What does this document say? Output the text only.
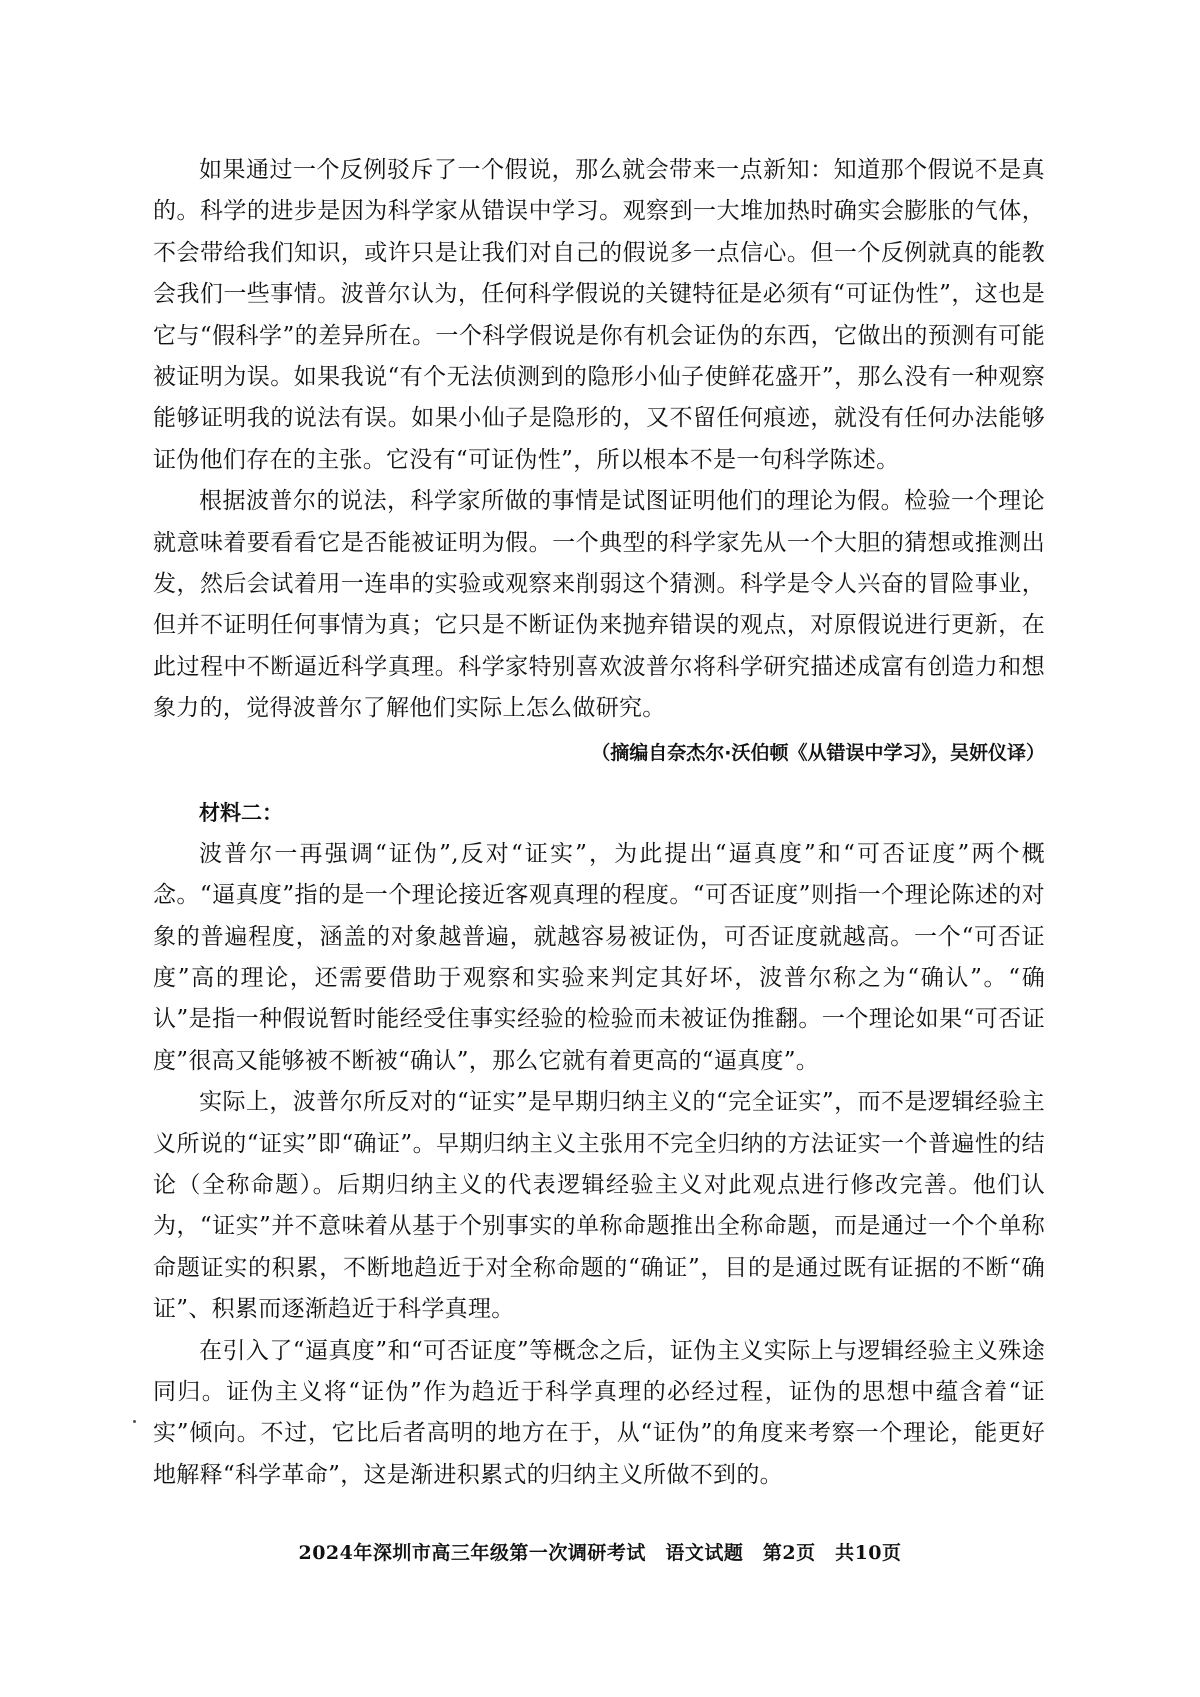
如果通过一个反例驳斥了一个假说，那么就会带来一点新知：知道那个假说不是真的。科学的进步是因为科学家从错误中学习。观察到一大堆加热时确实会膨胀的气体，不会带给我们知识，或许只是让我们对自己的假说多一点信心。但一个反例就真的能教会我们一些事情。波普尔认为，任何科学假说的关键特征是必须有“可证伪性”，这也是它与“假科学”的差异所在。一个科学假说是你有机会证伪的东西，它做出的预测有可能被证明为误。如果我说“有个无法侦测到的隐形小仙子使鲜花盛开”，那么没有一种观察能够证明我的说法有误。如果小仙子是隐形的，又不留任何痕迹，就没有任何办法能够证伪他们存在的主张。它没有“可证伪性”，所以根本不是一句科学陈述。

根据波普尔的说法，科学家所做的事情是试图证明他们的理论为假。检验一个理论就意味着要看看它是否能被证明为假。一个典型的科学家先从一个大胆的猜想或推测出发，然后会试着用一连串的实验或观察来削弱这个猜测。科学是令人兴奋的冒险事业，但并不证明任何事情为真；它只是不断证伪来抛弃错误的观点，对原假说进行更新，在此过程中不断逼近科学真理。科学家特别喜欢波普尔将科学研究描述成富有创造力和想象力的，觉得波普尔了解他们实际上怎么做研究。

（摘编自奈杰尔·沃伯顿《从错误中学习》，吴妍仪译）

材料二：

波普尔一再强调“证伪”,反对“证实”，为此提出“逼真度”和“可否证度”两个概念。“逼真度”指的是一个理论接近客观真理的程度。“可否证度”则指一个理论陈述的对象的普遍程度，涵盖的对象越普遍，就越容易被证伪，可否证度就越高。一个“可否证度”高的理论，还需要借助于观察和实验来判定其好坏，波普尔称之为“确认”。“确认”是指一种假说暂时能经受住事实经验的检验而未被证伪推翻。一个理论如果“可否证度”很高又能够被不断被“确认”，那么它就有着更高的“逼真度”。

实际上，波普尔所反对的“证实”是早期归纳主义的“完全证实”，而不是逻辑经验主义所说的“证实”即“确证”。早期归纳主义主张用不完全归纳的方法证实一个普遍性的结论（全称命题）。后期归纳主义的代表逻辑经验主义对此观点进行修改完善。他们认为，“证实”并不意味着从基于个别事实的单称命题推出全称命题，而是通过一个个单称命题证实的积累，不断地趋近于对全称命题的“确证”，目的是通过既有证据的不断“确证”、积累而逐渐趋近于科学真理。

在引入了“逼真度”和“可否证度”等概念之后，证伪主义实际上与逻辑经验主义殊途同归。证伪主义将“证伪”作为趋近于科学真理的必经过程，证伪的思想中蕴含着“证实”倾向。不过，它比后者高明的地方在于，从“证伪”的角度来考察一个理论，能更好地解释“科学革命”，这是渐进积累式的归纳主义所做不到的。

2024年深圳市高三年级第一次调研考试　语文试题　第2页　共10页
